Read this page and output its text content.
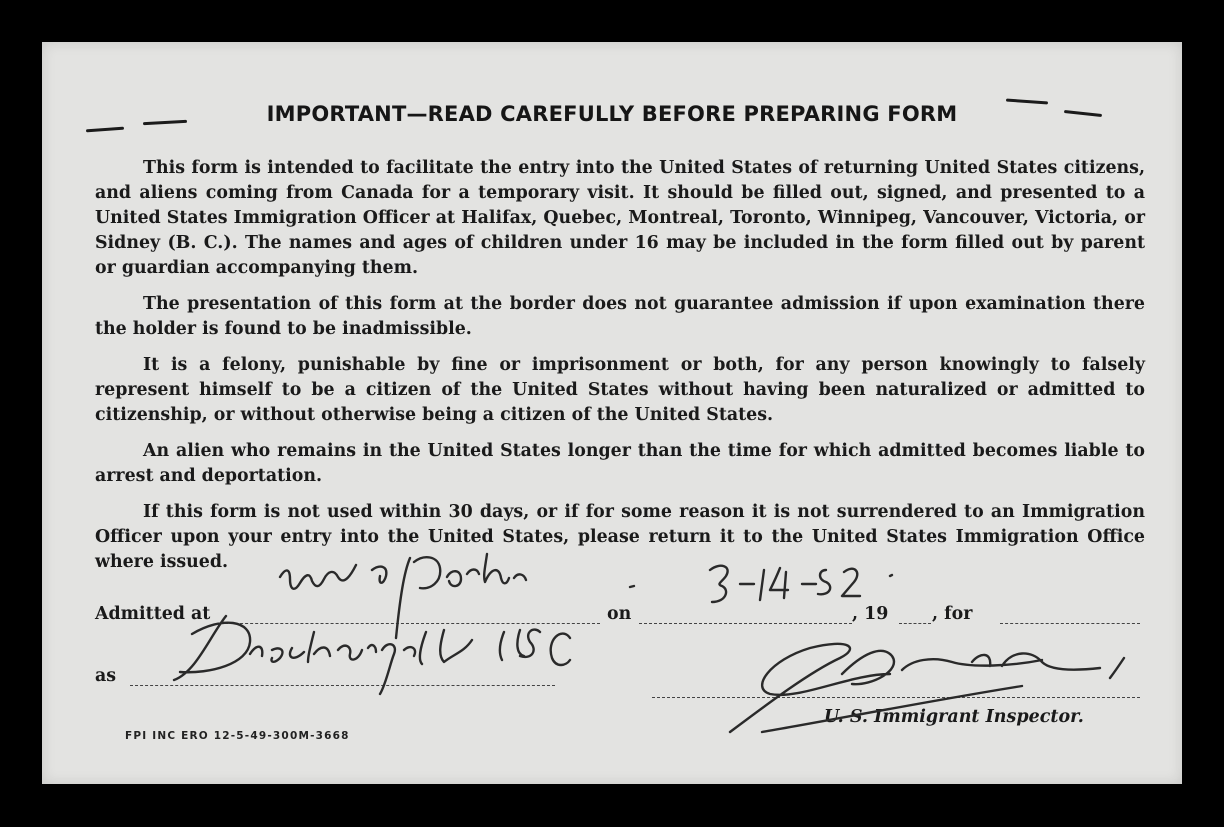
IMPORTANT—READ CAREFULLY BEFORE PREPARING FORM

This form is intended to facilitate the entry into the United States of returning United States citizens, and aliens coming from Canada for a temporary visit. It should be filled out, signed, and presented to a United States Immigration Officer at Halifax, Quebec, Montreal, Toronto, Winnipeg, Vancouver, Victoria, or Sidney (B. C.). The names and ages of children under 16 may be included in the form filled out by parent or guardian accompanying them.

The presentation of this form at the border does not guarantee admission if upon examination there the holder is found to be inadmissible.

It is a felony, punishable by fine or imprisonment or both, for any person knowingly to falsely represent himself to be a citizen of the United States without having been naturalized or admitted to citizenship, or without otherwise being a citizen of the United States.

An alien who remains in the United States longer than the time for which admitted becomes liable to arrest and deportation.

If this form is not used within 30 days, or if for some reason it is not surrendered to an Immigration Officer upon your entry into the United States, please return it to the United States Immigration Office where issued.

Admitted at	on	, 19	, for
as
U. S. Immigrant Inspector.
FPI INC ERO 12-5-49-300M-3668
